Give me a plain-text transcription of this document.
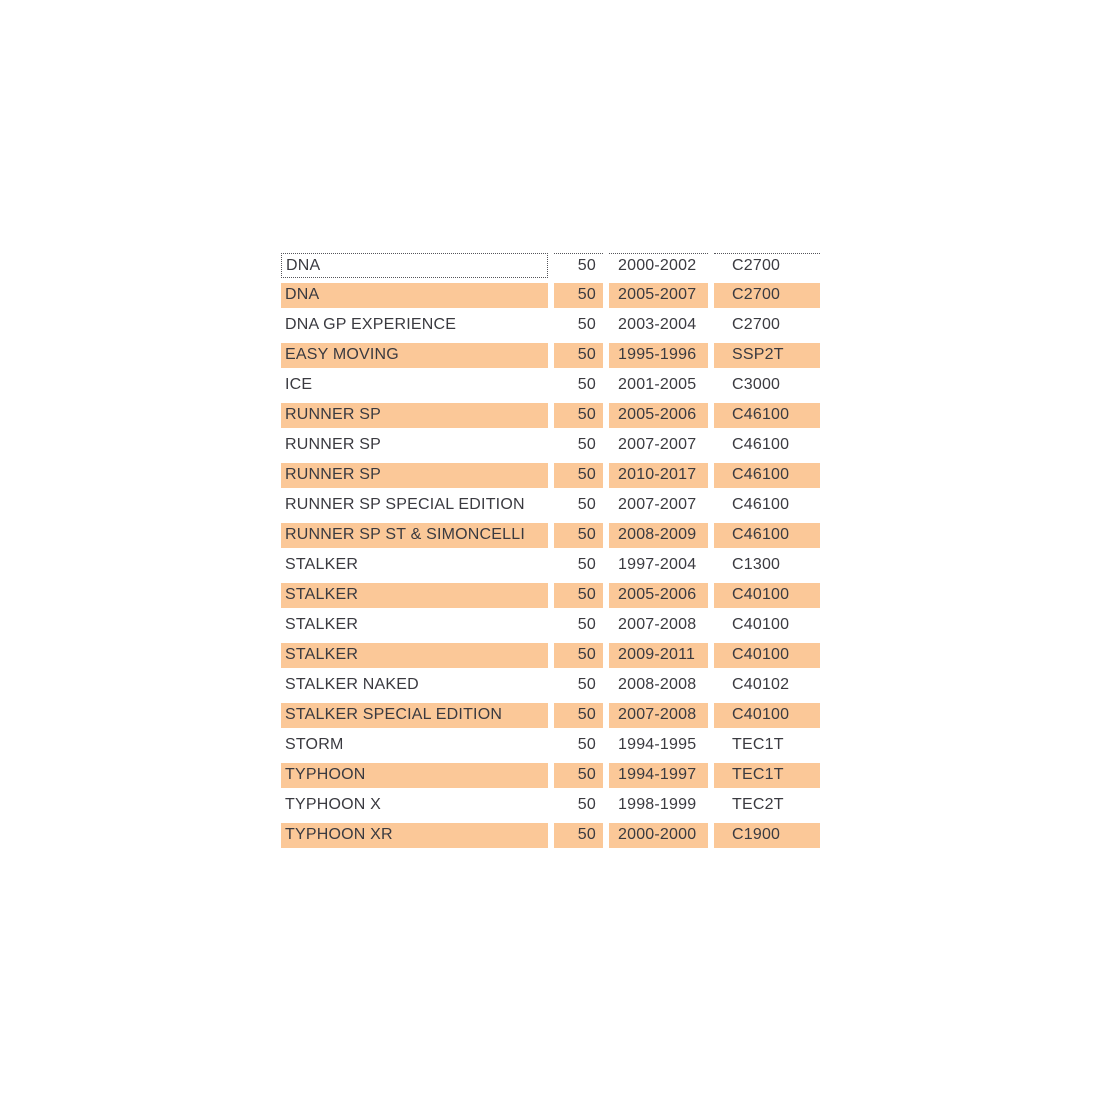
DNA	50	2000-2002	C2700
DNA	50	2005-2007	C2700
DNA GP EXPERIENCE	50	2003-2004	C2700
EASY MOVING	50	1995-1996	SSP2T
ICE	50	2001-2005	C3000
RUNNER SP	50	2005-2006	C46100
RUNNER SP	50	2007-2007	C46100
RUNNER SP	50	2010-2017	C46100
RUNNER SP SPECIAL EDITION	50	2007-2007	C46100
RUNNER SP ST & SIMONCELLI	50	2008-2009	C46100
STALKER	50	1997-2004	C1300
STALKER	50	2005-2006	C40100
STALKER	50	2007-2008	C40100
STALKER	50	2009-2011	C40100
STALKER NAKED	50	2008-2008	C40102
STALKER SPECIAL EDITION	50	2007-2008	C40100
STORM	50	1994-1995	TEC1T
TYPHOON	50	1994-1997	TEC1T
TYPHOON X	50	1998-1999	TEC2T
TYPHOON XR	50	2000-2000	C1900
